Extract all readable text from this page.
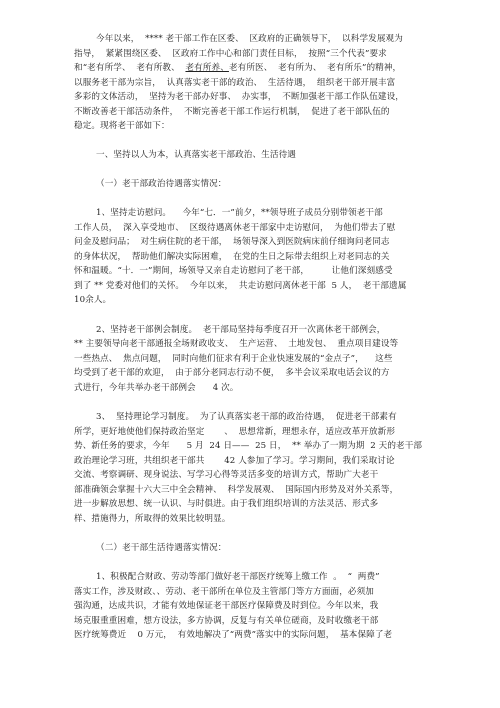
今年以来，  **** 老干部工作在区委、  区政府的正确领导下，  以科学发展观为
指导，  紧紧围绕区委、  区政府工作中心和部门责任目标，  按照“三个代表”要求
和“老有所学、  老有所教、  老有所养、老有所医、  老有所为、  老有所乐”的精神，
以服务老干部为宗旨，  认真落实老干部的政治、  生活待遇，  组织老干部开展丰富
多彩的文体活动，  坚持为老干部办好事、  办实事，  不断加强老干部工作队伍建设，
不断改善老干部活动条件，  不断完善老干部工作运行机制，  促进了老干部队伍的
稳定。现将老干部如下：
一、坚持以人为本，认真落实老干部政治、生活待遇
（一）老干部政治待遇落实情况：
1、坚持走访慰问。    今年“七．一”前夕，**领导班子成员分别带领老干部
工作人员，  深入享受地市、  区级待遇离休老干部家中走访慰问，  为他们带去了慰
问金及慰问品；  对生病住院的老干部，  场领导深入到医院病床前仔细询问老同志
的身体状况，  帮助他们解决实际困难，  在党的生日之际带去组织上对老同志的关
怀和温暖。“十．一”期间，场领导又亲自走访慰问了老干部，        让他们深刻感受
到了 ** 党委对他们的关怀。  今年以来，  共走访慰问离休老干部  5 人，  老干部遗属
10余人。
2、坚持老干部例会制度。  老干部局坚持每季度召开一次离休老干部例会，
** 主要领导向老干部通报全场财政收支、  生产运营、  土地发包、  重点项目建设等
一些热点、  焦点问题，  同时向他们征求有利于企业快速发展的“金点子”，    这些
均受到了老干部的欢迎，  由于部分老同志行动不便，  多半会议采取电话会议的方
式进行，今年共举办老干部例会      4 次。
3、  坚持理论学习制度。  为了认真落实老干部的政治待遇，  促进老干部素有
所学，更好地使他们保持政治坚定       、  思想常新，理想永存，适应改革开放新形
势、新任务的要求，今年      5 月  24 日——  25 日，  ** 举办了一期为期  2 天的老干部
政治理论学习班，共组织老干部共       42 人参加了学习。学习期间，我们采取讨论
交流、考察调研、现身说法、写学习心得等灵活多变的培训方式，帮助广大老干
部准确领会掌握十六大三中全会精神、  科学发展观、  国际国内形势及对外关系等，
进一步解放思想、统一认识、与时俱进。由于我们组织培训的方法灵活、形式多
样、措施得力，所取得的效果比较明显。
（二）老干部生活待遇落实情况：
1、积极配合财政、劳动等部门做好老干部医疗统筹上缴工作  。  “  两费”
落实工作，涉及财政、、劳动、老干部所在单位及主管部门等方方面面，必须加
强沟通，达成共识，才能有效地保证老干部医疗保障费及时到位。今年以来，我
场克服重重困难，想方设法，多方协调，反复与有关单位磋商，及时收缴老干部
医疗统筹费近    0 万元，  有效地解决了“两费”落实中的实际问题，  基本保障了老
